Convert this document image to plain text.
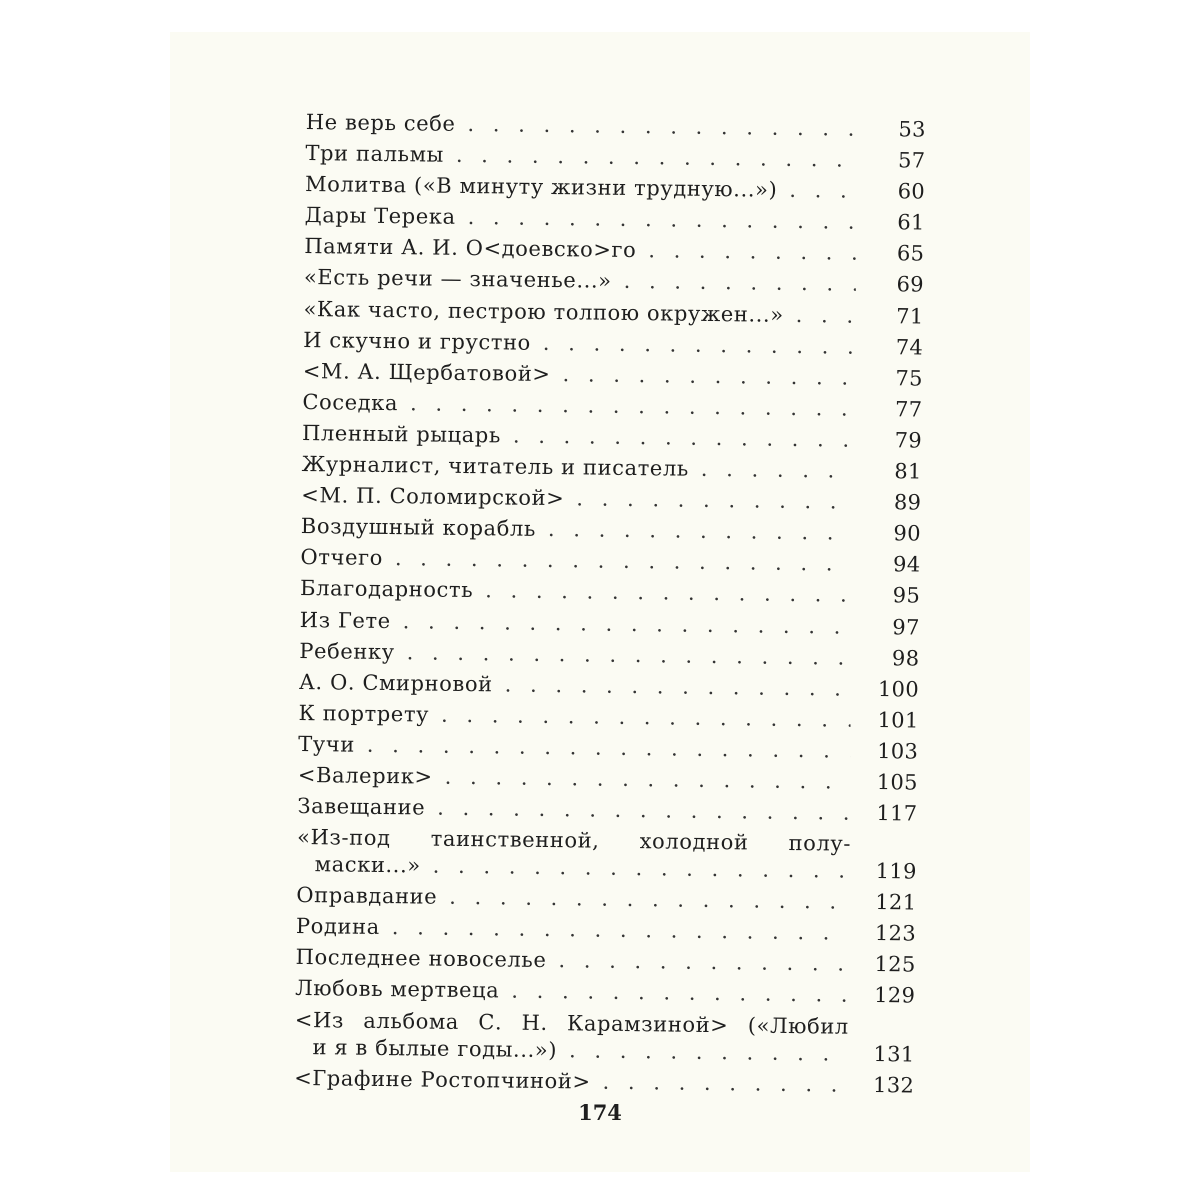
Не верь себе . . .	53
Три пальмы . . .	57
Молитва («В минуту жизни трудную...») . . .	60
Дары Терека . . .	61
Памяти А. И. О<доевско>го . . .	65
«Есть речи — значенье...» . . .	69
«Как часто, пестрою толпою окружен...» . . .	71
И скучно и грустно . . .	74
<М. А. Щербатовой> . . .	75
Соседка . . .	77
Пленный рыцарь . . .	79
Журналист, читатель и писатель . . .	81
<М. П. Соломирской> . . .	89
Воздушный корабль . . .	90
Отчего . . .	94
Благодарность . . .	95
Из Гете . . .	97
Ребенку . . .	98
А. О. Смирновой . . .	100
К портрету . . .	101
Тучи . . .	103
<Валерик> . . .	105
Завещание . . .	117
«Из-под таинственной, холодной полу-
маски...» . . .	119
Оправдание . . .	121
Родина . . .	123
Последнее новоселье . . .	125
Любовь мертвеца . . .	129
<Из альбома С. Н. Карамзиной> («Любил
и я в былые годы...») . . .	131
<Графине Ростопчиной> . . .	132
174
